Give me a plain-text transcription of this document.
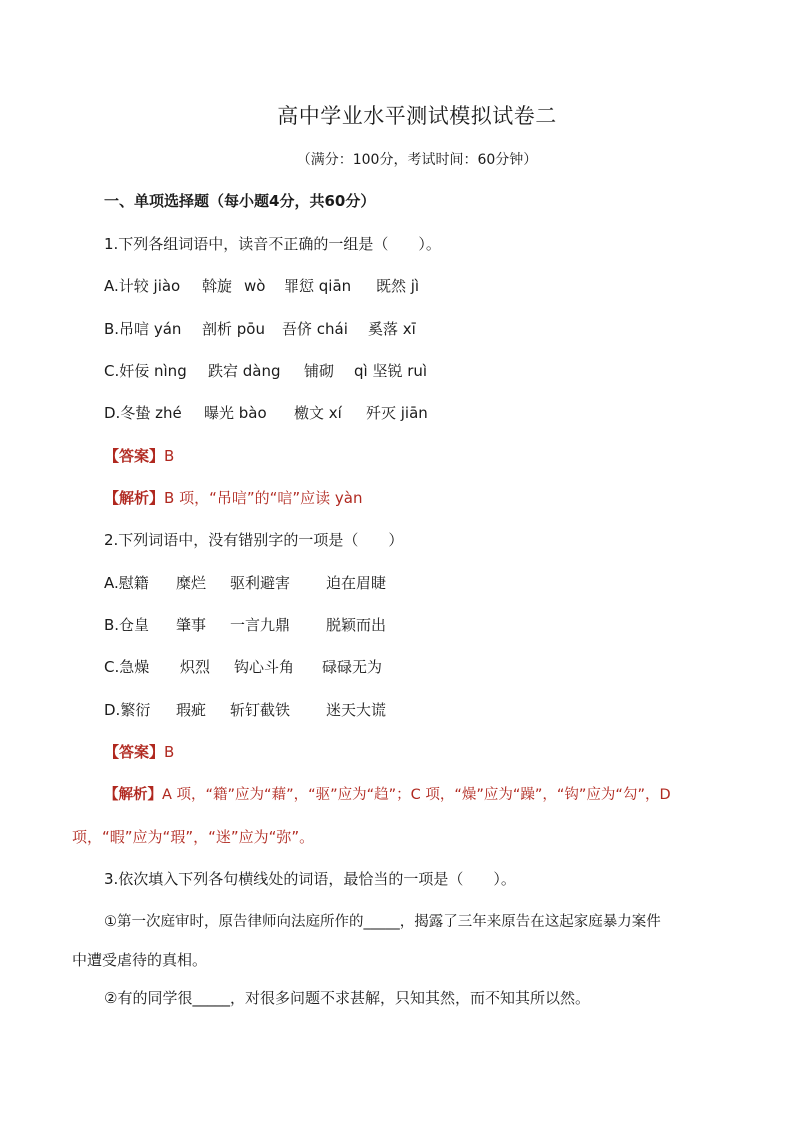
高中学业水平测试模拟试卷二
（满分：100分，考试时间：60分钟）
一、单项选择题（每小题4分，共60分）
1.下列各组词语中，读音不正确的一组是（　　）。
A.计较 jiào 斡旋 wò 罪愆 qiān 既然 jì
B.吊唁 yán 剖析 pōu 吾侪 chái 奚落 xī
C.奸佞 nìng 跌宕 dàng 铺砌 qì 坚锐 ruì
D.冬蛰 zhé 曝光 bào 檄文 xí 歼灭 jiān
【答案】B
【解析】B 项，“吊唁”的“唁”应读 yàn
2.下列词语中，没有错别字的一项是（　　）
A.慰籍 糜烂 驱利避害 迫在眉睫
B.仓皇 肇事 一言九鼎 脱颖而出
C.急燥 炽烈 钩心斗角 碌碌无为
D.繁衍 瑕疵 斩钉截铁 迷天大谎
【答案】B
【解析】A 项，“籍”应为“藉”，“驱”应为“趋”；C 项，“燥”应为“躁”，“钩”应为“勾”，D
项，“暇”应为“瑕”，“迷”应为“弥”。
3.依次填入下列各句横线处的词语，最恰当的一项是（　　）。
①第一次庭审时，原告律师向法庭所作的_____，揭露了三年来原告在这起家庭暴力案件
中遭受虐待的真相。
②有的同学很_____，对很多问题不求甚解，只知其然，而不知其所以然。
